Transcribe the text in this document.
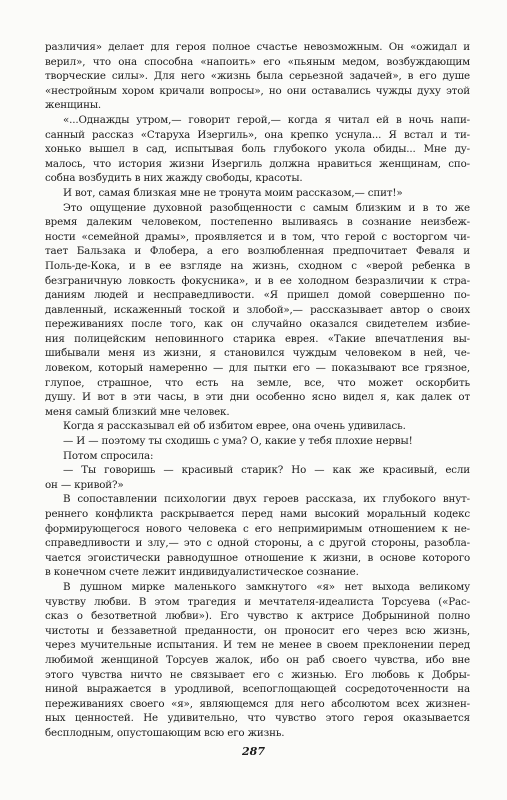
различия» делает для героя полное счастье невозможным. Он «ожидал и
верил», что она способна «напоить» его «пьяным медом, возбуждающим
творческие силы». Для него «жизнь была серьезной задачей», в его душе
«нестройным хором кричали вопросы», но они оставались чужды духу этой
женщины.
«...Однажды утром,— говорит герой,— когда я читал ей в ночь напи-
санный рассказ «Старуха Изергиль», она крепко уснула... Я встал и ти-
хонько вышел в сад, испытывая боль глубокого укола обиды... Мне ду-
малось, что история жизни Изергиль должна нравиться женщинам, спо-
собна возбудить в них жажду свободы, красоты.
И вот, самая близкая мне не тронута моим рассказом,— спит!»
Это ощущение духовной разобщенности с самым близким и в то же
время далеким человеком, постепенно выливаясь в сознание неизбеж-
ности «семейной драмы», проявляется и в том, что герой с восторгом чи-
тает Бальзака и Флобера, а его возлюбленная предпочитает Феваля и
Поль-де-Кока, и в ее взгляде на жизнь, сходном с «верой ребенка в
безграничную ловкость фокусника», и в ее холодном безразличии к стра-
даниям людей и несправедливости. «Я пришел домой совершенно по-
давленный, искаженный тоской и злобой»,— рассказывает автор о своих
переживаниях после того, как он случайно оказался свидетелем избие-
ния полицейским неповинного старика еврея. «Такие впечатления вы-
шибывали меня из жизни, я становился чуждым человеком в ней, че-
ловеком, который намеренно — для пытки его — показывают все грязное,
глупое, страшное, что есть на земле, все, что может оскорбить
душу. И вот в эти часы, в эти дни особенно ясно видел я, как далек от
меня самый близкий мне человек.
Когда я рассказывал ей об избитом еврее, она очень удивилась.
— И — поэтому ты сходишь с ума? О, какие у тебя плохие нервы!
Потом спросила:
— Ты говоришь — красивый старик? Но — как же красивый, если
он — кривой?»
В сопоставлении психологии двух героев рассказа, их глубокого внут-
реннего конфликта раскрывается перед нами высокий моральный кодекс
формирующегося нового человека с его непримиримым отношением к не-
справедливости и злу,— это с одной стороны, а с другой стороны, разобла-
чается эгоистически равнодушное отношение к жизни, в основе которого
в конечном счете лежит индивидуалистическое сознание.
В душном мирке маленького замкнутого «я» нет выхода великому
чувству любви. В этом трагедия и мечтателя-идеалиста Торсуева («Рас-
сказ о безответной любви»). Его чувство к актрисе Добрыниной полно
чистоты и беззаветной преданности, он проносит его через всю жизнь,
через мучительные испытания. И тем не менее в своем преклонении перед
любимой женщиной Торсуев жалок, ибо он раб своего чувства, ибо вне
этого чувства ничто не связывает его с жизнью. Его любовь к Добры-
ниной выражается в уродливой, всепоглощающей сосредоточенности на
переживаниях своего «я», являющемся для него абсолютом всех жизнен-
ных ценностей. Не удивительно, что чувство этого героя оказывается
бесплодным, опустошающим всю его жизнь.
287
